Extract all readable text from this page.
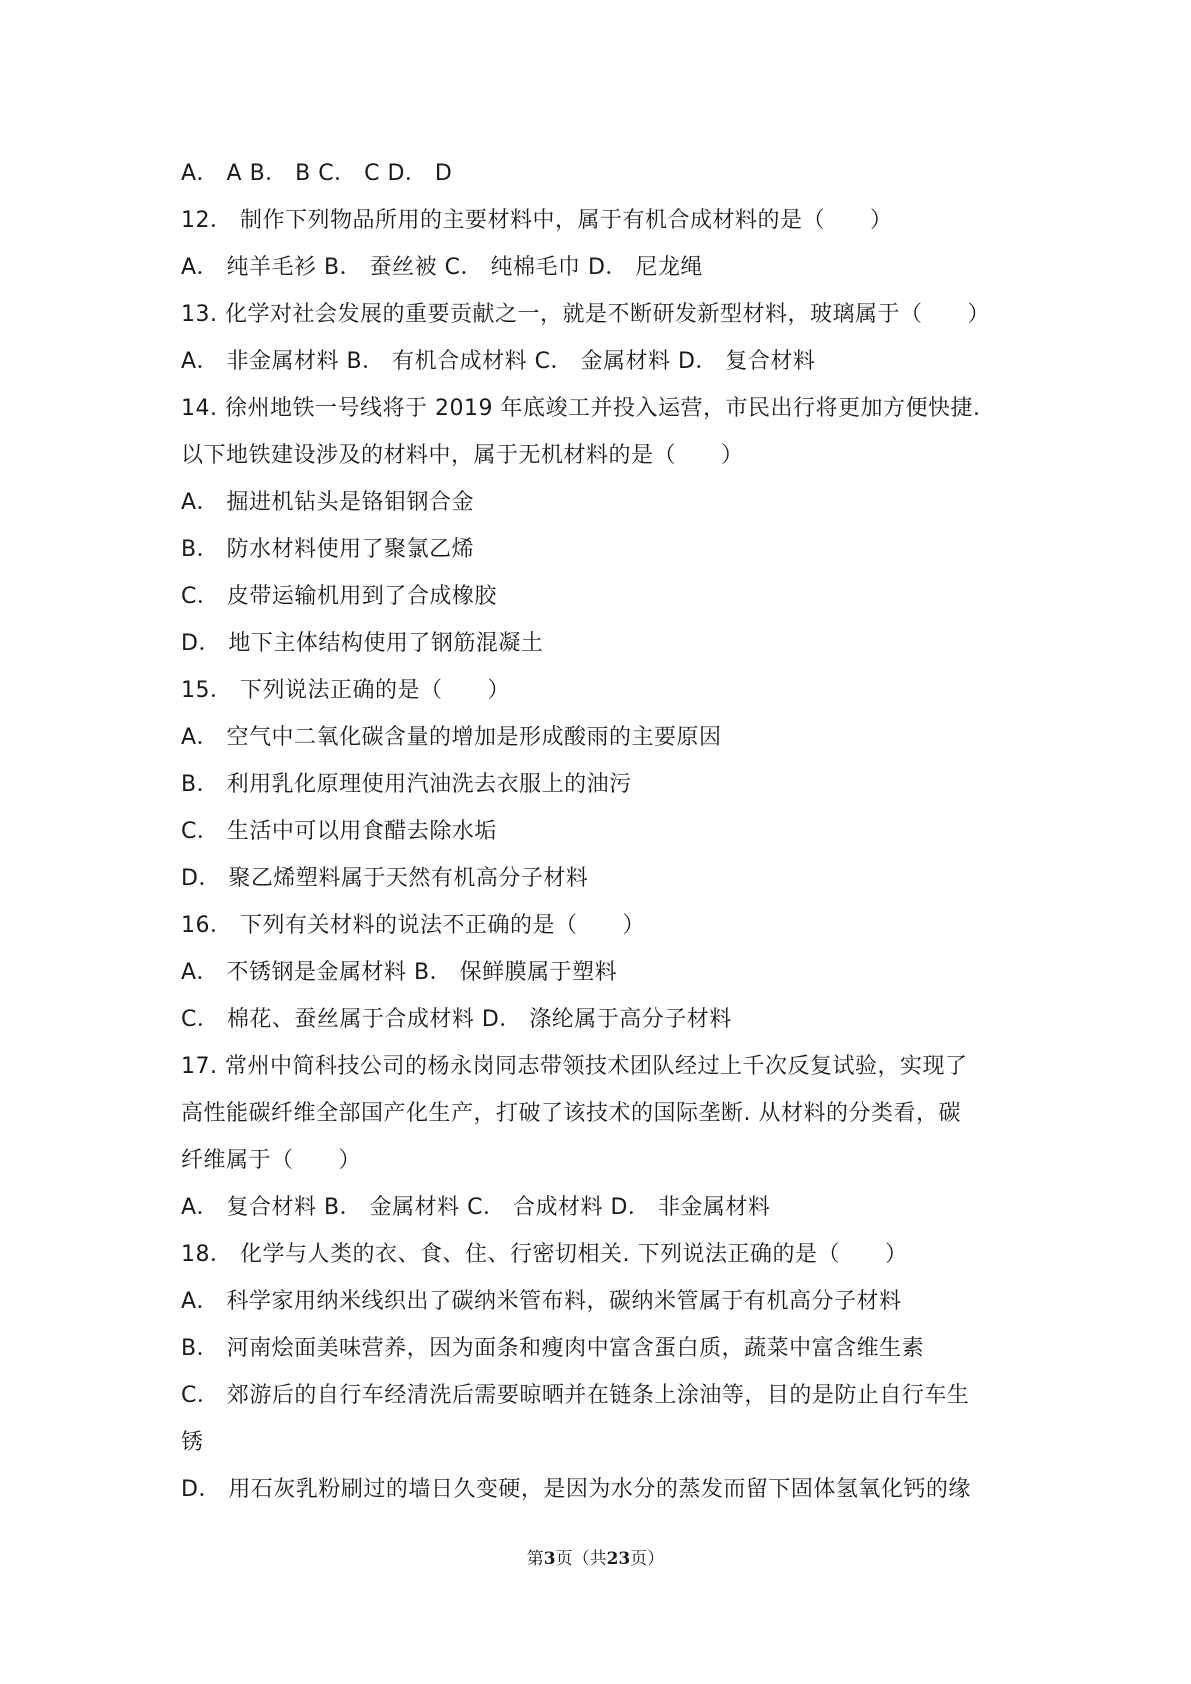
A． A B． B C． C D． D
12． 制作下列物品所用的主要材料中，属于有机合成材料的是（　　）
A． 纯羊毛衫 B． 蚕丝被 C． 纯棉毛巾 D． 尼龙绳
13. 化学对社会发展的重要贡献之一，就是不断研发新型材料，玻璃属于（　　）
A． 非金属材料 B． 有机合成材料 C． 金属材料 D． 复合材料
14. 徐州地铁一号线将于 2019 年底竣工并投入运营，市民出行将更加方便快捷.
以下地铁建设涉及的材料中，属于无机材料的是（　　）
A． 掘进机钻头是铬钼钢合金
B． 防水材料使用了聚氯乙烯
C． 皮带运输机用到了合成橡胶
D． 地下主体结构使用了钢筋混凝土
15． 下列说法正确的是（　　）
A． 空气中二氧化碳含量的增加是形成酸雨的主要原因
B． 利用乳化原理使用汽油洗去衣服上的油污
C． 生活中可以用食醋去除水垢
D． 聚乙烯塑料属于天然有机高分子材料
16． 下列有关材料的说法不正确的是（　　）
A． 不锈钢是金属材料 B． 保鲜膜属于塑料
C． 棉花、蚕丝属于合成材料 D． 涤纶属于高分子材料
17. 常州中简科技公司的杨永岗同志带领技术团队经过上千次反复试验，实现了
高性能碳纤维全部国产化生产，打破了该技术的国际垄断. 从材料的分类看，碳
纤维属于（　　）
A． 复合材料 B． 金属材料 C． 合成材料 D． 非金属材料
18． 化学与人类的衣、食、住、行密切相关. 下列说法正确的是（　　）
A． 科学家用纳米线织出了碳纳米管布料，碳纳米管属于有机高分子材料
B． 河南烩面美味营养，因为面条和瘦肉中富含蛋白质，蔬菜中富含维生素
C． 郊游后的自行车经清洗后需要晾晒并在链条上涂油等，目的是防止自行车生
锈
D． 用石灰乳粉刷过的墙日久变硬，是因为水分的蒸发而留下固体氢氧化钙的缘
第3页（共23页）
